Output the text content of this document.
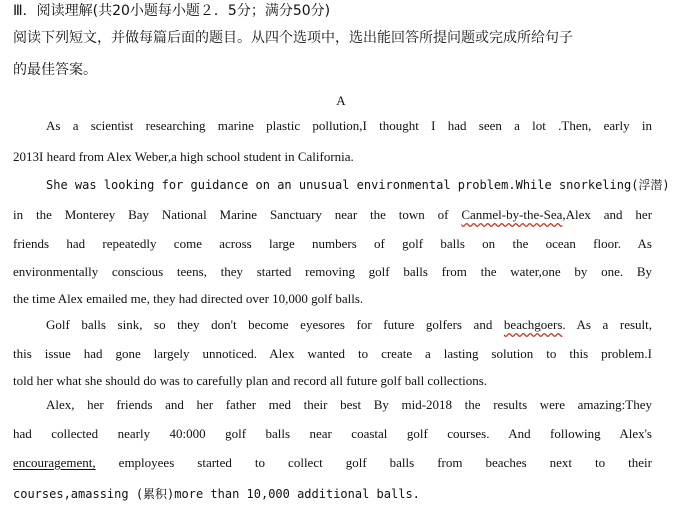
Ⅲ．阅读理解(共20小题每小题２．5分；满分50分)
阅读下列短文，并做每篇后面的题目。从四个选项中，选出能回答所提问题或完成所给句子
的最佳答案。
A
As a scientist researching marine plastic pollution,I thought I had seen a lot .Then, early in
2013I heard from Alex Weber,a high school student in California.
She was looking for guidance on an unusual environmental problem.While snorkeling(浮潜)
in the Monterey Bay National Marine Sanctuary near the town of Canmel-by-the-Sea,Alex and her
friends had repeatedly come across large numbers of golf balls on the ocean floor. As
environmentally conscious teens, they started removing golf balls from the water,one by one. By
the time Alex emailed me, they had directed over 10,000 golf balls.
Golf balls sink, so they don't become eyesores for future golfers and beachgoers. As a result,
this issue had gone largely unnoticed. Alex wanted to create a lasting solution to this problem.I
told her what she should do was to carefully plan and record all future golf ball collections.
Alex, her friends and her father med their best By mid-2018 the results were amazing:They
had collected nearly 40:000 golf balls near coastal golf courses. And following Alex's
encouragement, employees started to collect golf balls from beaches next to their
courses,amassing (累积)more than 10,000 additional balls.
